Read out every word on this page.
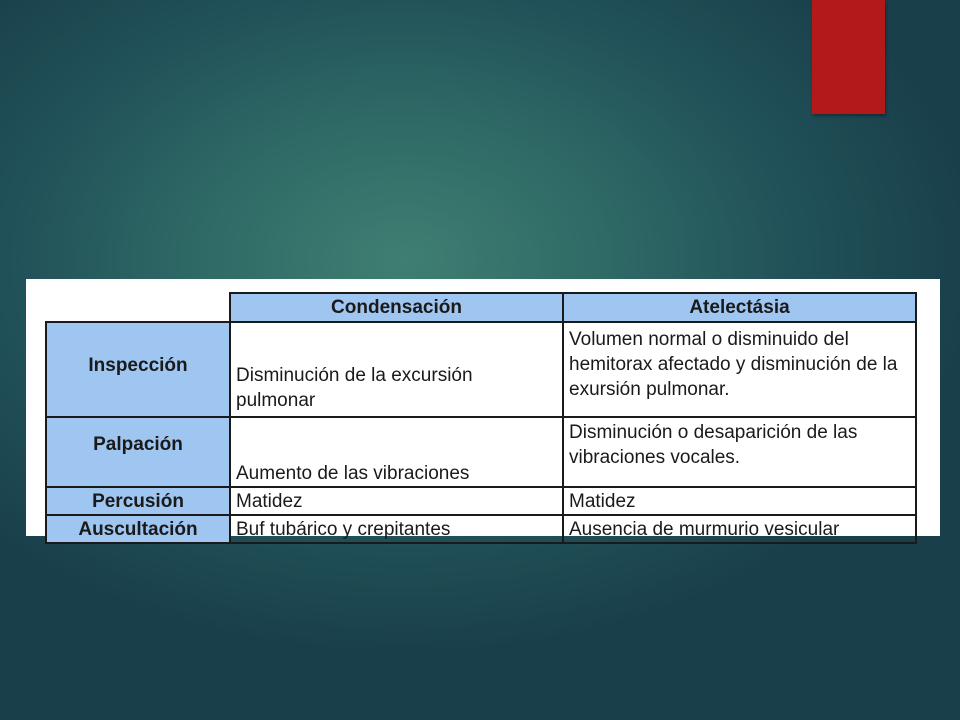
	Condensación	Atelectásia
Inspección	Disminución de la excursión pulmonar	Volumen normal o disminuido del hemitorax afectado y disminución de la exursión pulmonar.
Palpación	Aumento de las vibraciones	Disminución o desaparición de las vibraciones vocales.
Percusión	Matidez	Matidez
Auscultación	Buf tubárico y crepitantes	Ausencia de murmurio vesicular
